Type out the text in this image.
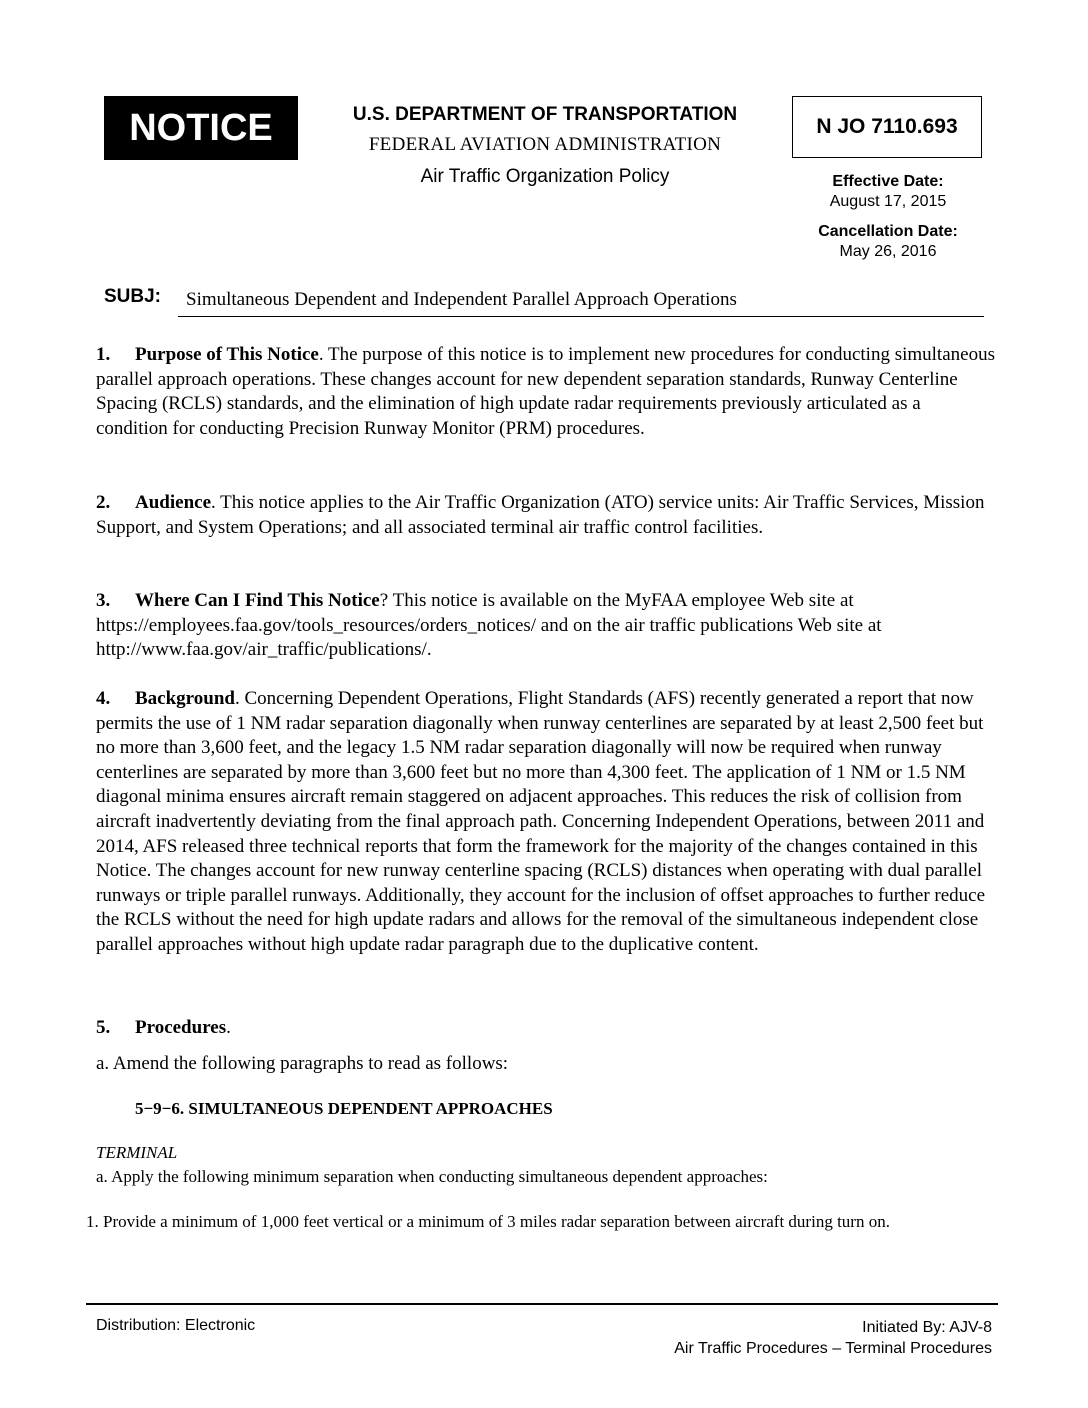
NOTICE	U.S. DEPARTMENT OF TRANSPORTATION
FEDERAL AVIATION ADMINISTRATION
Air Traffic Organization Policy
N JO 7110.693
Effective Date:
August 17, 2015
Cancellation Date:
May 26, 2016
SUBJ: Simultaneous Dependent and Independent Parallel Approach Operations
1. Purpose of This Notice. The purpose of this notice is to implement new procedures for conducting simultaneous parallel approach operations. These changes account for new dependent separation standards, Runway Centerline Spacing (RCLS) standards, and the elimination of high update radar requirements previously articulated as a condition for conducting Precision Runway Monitor (PRM) procedures.
2. Audience. This notice applies to the Air Traffic Organization (ATO) service units: Air Traffic Services, Mission Support, and System Operations; and all associated terminal air traffic control facilities.
3. Where Can I Find This Notice? This notice is available on the MyFAA employee Web site at https://employees.faa.gov/tools_resources/orders_notices/ and on the air traffic publications Web site at http://www.faa.gov/air_traffic/publications/.
4. Background. Concerning Dependent Operations, Flight Standards (AFS) recently generated a report that now permits the use of 1 NM radar separation diagonally when runway centerlines are separated by at least 2,500 feet but no more than 3,600 feet, and the legacy 1.5 NM radar separation diagonally will now be required when runway centerlines are separated by more than 3,600 feet but no more than 4,300 feet. The application of 1 NM or 1.5 NM diagonal minima ensures aircraft remain staggered on adjacent approaches. This reduces the risk of collision from aircraft inadvertently deviating from the final approach path. Concerning Independent Operations, between 2011 and 2014, AFS released three technical reports that form the framework for the majority of the changes contained in this Notice. The changes account for new runway centerline spacing (RCLS) distances when operating with dual parallel runways or triple parallel runways. Additionally, they account for the inclusion of offset approaches to further reduce the RCLS without the need for high update radars and allows for the removal of the simultaneous independent close parallel approaches without high update radar paragraph due to the duplicative content.
5. Procedures.
a. Amend the following paragraphs to read as follows:
5−9−6. SIMULTANEOUS DEPENDENT APPROACHES
TERMINAL
a. Apply the following minimum separation when conducting simultaneous dependent approaches:
1. Provide a minimum of 1,000 feet vertical or a minimum of 3 miles radar separation between aircraft during turn on.
Distribution: Electronic	Initiated By: AJV-8
Air Traffic Procedures – Terminal Procedures
